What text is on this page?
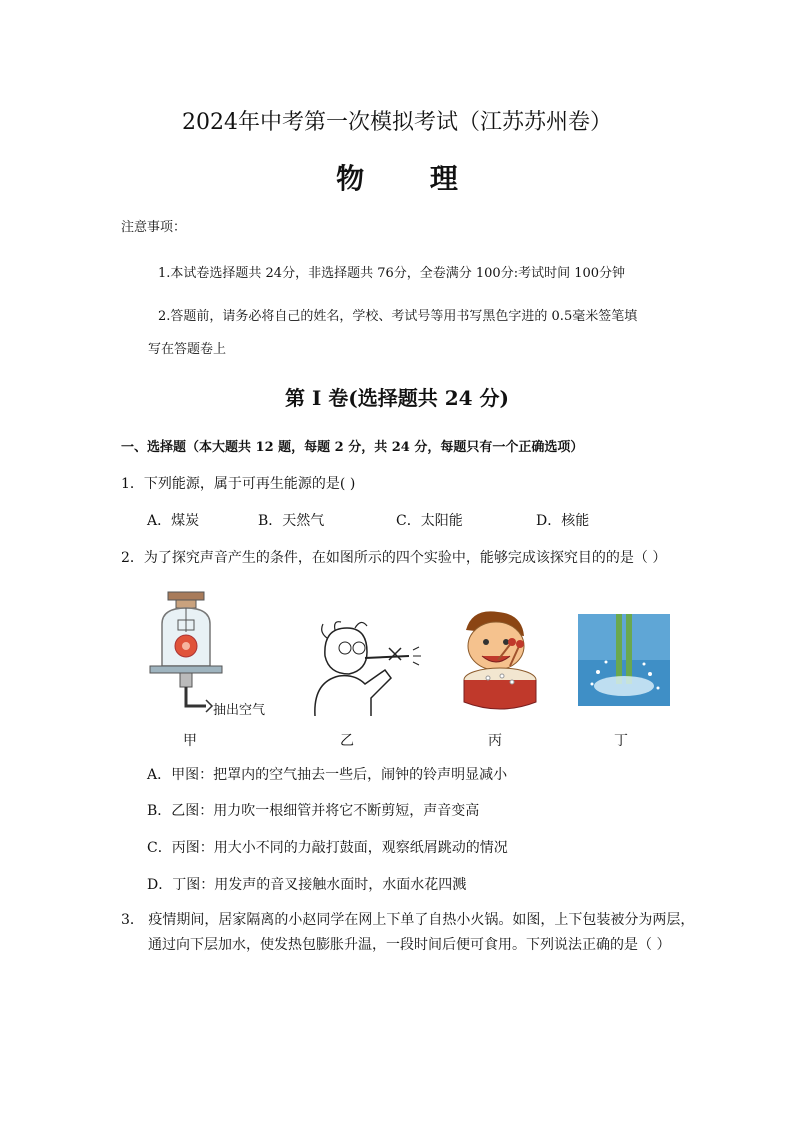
2024年中考第一次模拟考试（江苏苏州卷）
物 理
注意事项：
1.本试卷选择题共 24分，非选择题共 76分，全卷满分 100分:考试时间 100分钟
2.答题前，请务必将自己的姓名，学校、考试号等用书写黑色字进的 0.5毫米签笔填
写在答题卷上
第 I 卷(选择题共 24 分)
一、选择题（本大题共 12 题，每题 2 分，共 24 分，每题只有一个正确选项）
1．下列能源，属于可再生能源的是( )
A．煤炭	B．天然气	C．太阳能	D．核能
2．为了探究声音产生的条件，在如图所示的四个实验中，能够完成该探究目的的是（ ）
抽出空气
甲	乙	丙	丁
A．甲图：把罩内的空气抽去一些后，闹钟的铃声明显减小
B．乙图：用力吹一根细管并将它不断剪短，声音变高
C．丙图：用大小不同的力敲打鼓面，观察纸屑跳动的情况
D．丁图：用发声的音叉接触水面时，水面水花四溅
3． 疫情期间，居家隔离的小赵同学在网上下单了自热小火锅。如图，上下包装被分为两层，
通过向下层加水，使发热包膨胀升温，一段时间后便可食用。下列说法正确的是（ ）
